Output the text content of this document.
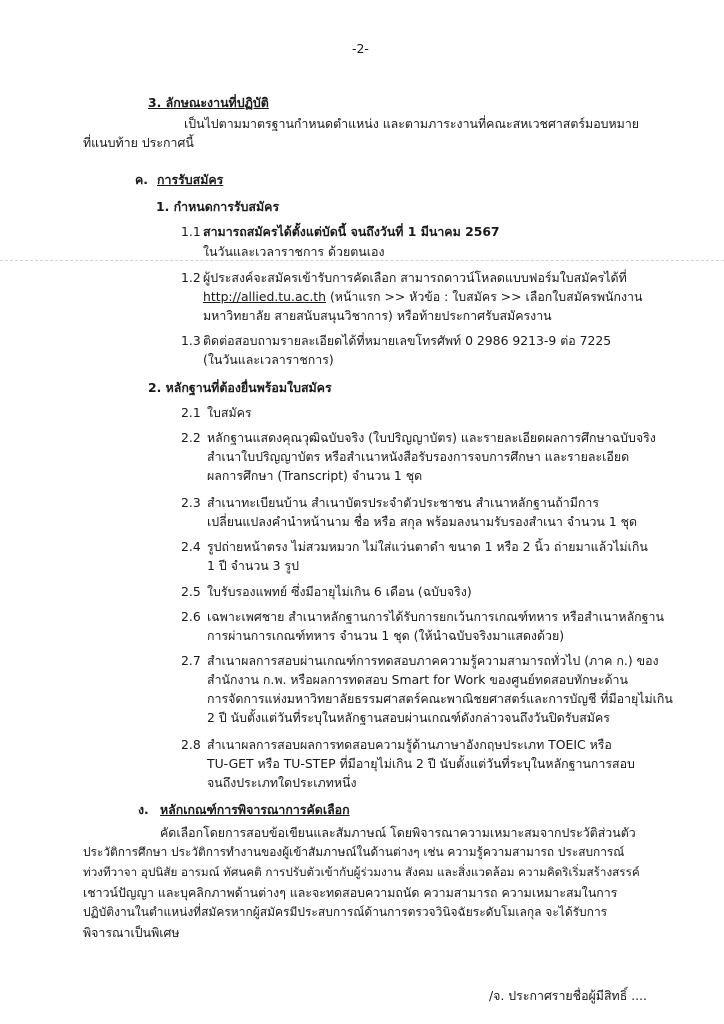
-2-
3. ลักษณะงานที่ปฏิบัติ
เป็นไปตามมาตรฐานกำหนดตำแหน่ง และตามภาระงานที่คณะสหเวชศาสตร์มอบหมาย
ที่แนบท้าย ประกาศนี้
ค. การรับสมัคร
1. กำหนดการรับสมัคร
1.1 สามารถสมัครได้ตั้งแต่บัดนี้ จนถึงวันที่ 1 มีนาคม 2567
ในวันและเวลาราชการ ด้วยตนเอง
1.2 ผู้ประสงค์จะสมัครเข้ารับการคัดเลือก สามารถดาวน์โหลดแบบฟอร์มใบสมัครได้ที่
http://allied.tu.ac.th (หน้าแรก >> หัวข้อ : ใบสมัคร >> เลือกใบสมัครพนักงาน
มหาวิทยาลัย สายสนับสนุนวิชาการ) หรือท้ายประกาศรับสมัครงาน
1.3 ติดต่อสอบถามรายละเอียดได้ที่หมายเลขโทรศัพท์ 0 2986 9213-9 ต่อ 7225
(ในวันและเวลาราชการ)
2. หลักฐานที่ต้องยื่นพร้อมใบสมัคร
2.1 ใบสมัคร
2.2 หลักฐานแสดงคุณวุฒิฉบับจริง (ใบปริญญาบัตร) และรายละเอียดผลการศึกษาฉบับจริง
สำเนาใบปริญญาบัตร หรือสำเนาหนังสือรับรองการจบการศึกษา และรายละเอียด
ผลการศึกษา (Transcript) จำนวน 1 ชุด
2.3 สำเนาทะเบียนบ้าน สำเนาบัตรประจำตัวประชาชน สำเนาหลักฐานถ้ามีการ
เปลี่ยนแปลงคำนำหน้านาม ชื่อ หรือ สกุล พร้อมลงนามรับรองสำเนา จำนวน 1 ชุด
2.4 รูปถ่ายหน้าตรง ไม่สวมหมวก ไม่ใส่แว่นตาดำ ขนาด 1 หรือ 2 นิ้ว ถ่ายมาแล้วไม่เกิน
1 ปี จำนวน 3 รูป
2.5 ใบรับรองแพทย์ ซึ่งมีอายุไม่เกิน 6 เดือน (ฉบับจริง)
2.6 เฉพาะเพศชาย สำเนาหลักฐานการได้รับการยกเว้นการเกณฑ์ทหาร หรือสำเนาหลักฐาน
การผ่านการเกณฑ์ทหาร จำนวน 1 ชุด (ให้นำฉบับจริงมาแสดงด้วย)
2.7 สำเนาผลการสอบผ่านเกณฑ์การทดสอบภาคความรู้ความสามารถทั่วไป (ภาค ก.) ของ
สำนักงาน ก.พ. หรือผลการทดสอบ Smart for Work ของศูนย์ทดสอบทักษะด้าน
การจัดการแห่งมหาวิทยาลัยธรรมศาสตร์คณะพาณิชยศาสตร์และการบัญชี ที่มีอายุไม่เกิน
2 ปี นับตั้งแต่วันที่ระบุในหลักฐานสอบผ่านเกณฑ์ดังกล่าวจนถึงวันปิดรับสมัคร
2.8 สำเนาผลการสอบผลการทดสอบความรู้ด้านภาษาอังกฤษประเภท TOEIC หรือ
TU-GET หรือ TU-STEP ที่มีอายุไม่เกิน 2 ปี นับตั้งแต่วันที่ระบุในหลักฐานการสอบ
จนถึงประเภทใดประเภทหนึ่ง
ง. หลักเกณฑ์การพิจารณาการคัดเลือก
คัดเลือกโดยการสอบข้อเขียนและสัมภาษณ์ โดยพิจารณาความเหมาะสมจากประวัติส่วนตัว
ประวัติการศึกษา ประวัติการทำงานของผู้เข้าสัมภาษณ์ในด้านต่างๆ เช่น ความรู้ความสามารถ ประสบการณ์
ท่วงทีวาจา อุปนิสัย อารมณ์ ทัศนคติ การปรับตัวเข้ากับผู้ร่วมงาน สังคม และสิ่งแวดล้อม ความคิดริเริ่มสร้างสรรค์
เชาวน์ปัญญา และบุคลิกภาพด้านต่างๆ และจะทดสอบความถนัด ความสามารถ ความเหมาะสมในการ
ปฏิบัติงานในตำแหน่งที่สมัครหากผู้สมัครมีประสบการณ์ด้านการตรวจวินิจฉัยระดับโมเลกุล จะได้รับการ
พิจารณาเป็นพิเศษ
/จ. ประกาศรายชื่อผู้มีสิทธิ์ ....
